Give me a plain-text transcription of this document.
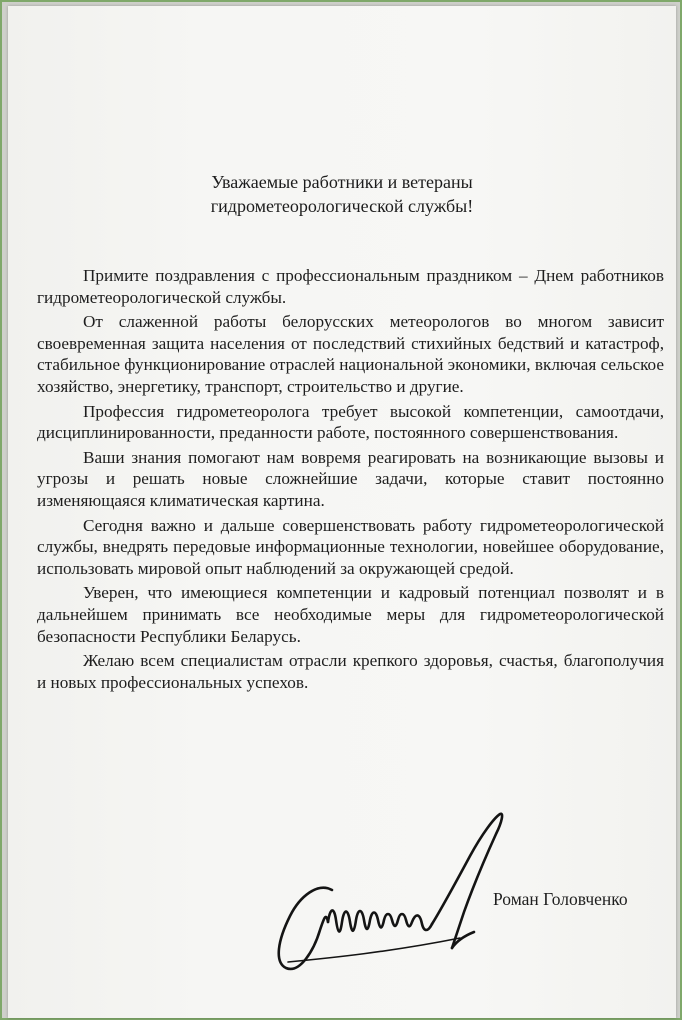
Уважаемые работники и ветераны
гидрометеорологической службы!

Примите поздравления с профессиональным праздником – Днем работников гидрометеорологической службы.

От слаженной работы белорусских метеорологов во многом зависит своевременная защита населения от последствий стихийных бедствий и катастроф, стабильное функционирование отраслей национальной экономики, включая сельское хозяйство, энергетику, транспорт, строительство и другие.

Профессия гидрометеоролога требует высокой компетенции, самоотдачи, дисциплинированности, преданности работе, постоянного совершенствования.

Ваши знания помогают нам вовремя реагировать на возникающие вызовы и угрозы и решать новые сложнейшие задачи, которые ставит постоянно изменяющаяся климатическая картина.

Сегодня важно и дальше совершенствовать работу гидрометеорологической службы, внедрять передовые информационные технологии, новейшее оборудование, использовать мировой опыт наблюдений за окружающей средой.

Уверен, что имеющиеся компетенции и кадровый потенциал позволят и в дальнейшем принимать все необходимые меры для гидрометеорологической безопасности Республики Беларусь.

Желаю всем специалистам отрасли крепкого здоровья, счастья, благополучия и новых профессиональных успехов.

Роман Головченко
